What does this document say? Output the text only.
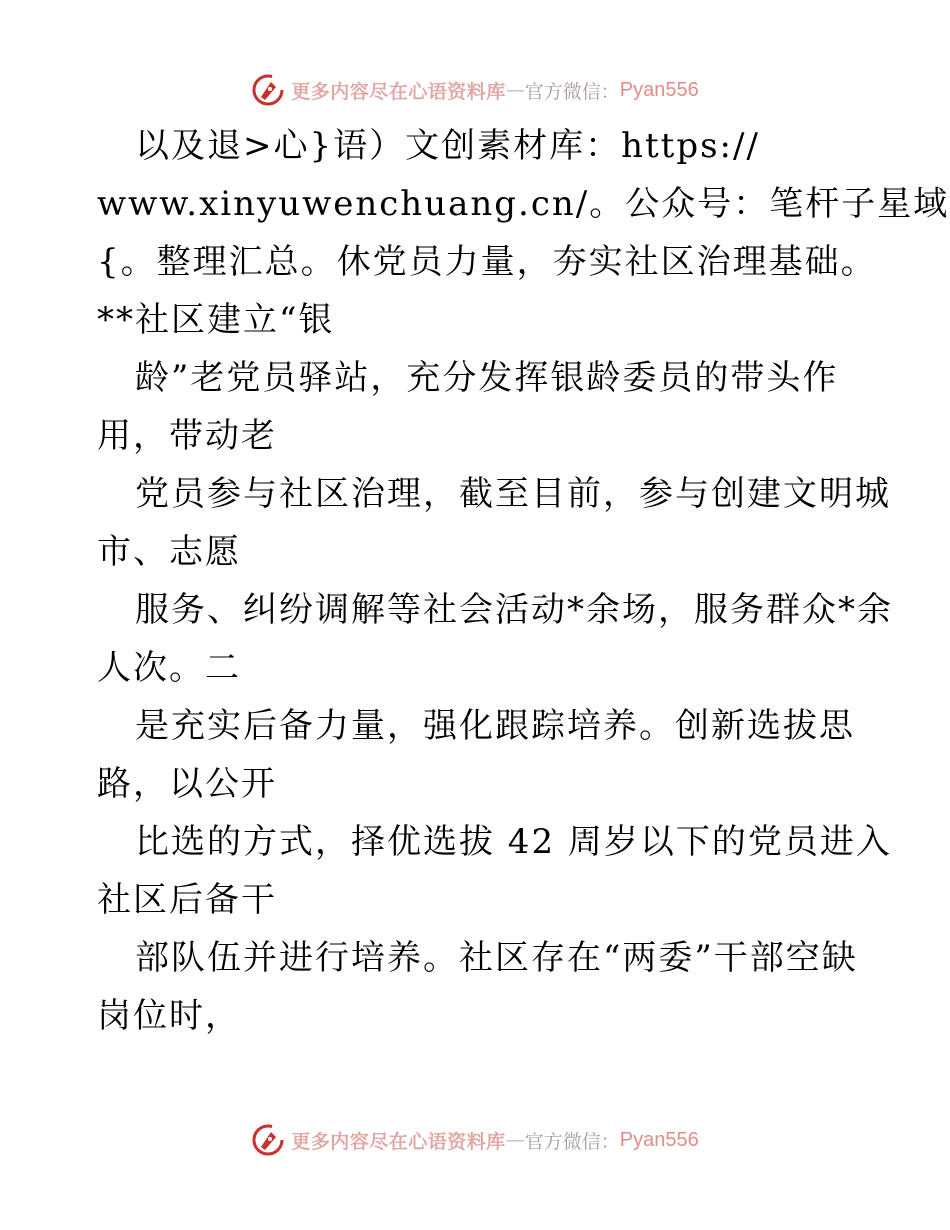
更多内容尽在心语资料库 — 官方微信： Pyan556
以及退>心}语）文创素材库：https://
www.xinyuwenchuang.cn/。公众号：笔杆子星域
{。整理汇总。休党员力量，夯实社区治理基础。
**社区建立“银
龄”老党员驿站，充分发挥银龄委员的带头作
用，带动老
党员参与社区治理，截至目前，参与创建文明城
市、志愿
服务、纠纷调解等社会活动*余场，服务群众*余
人次。二
是充实后备力量，强化跟踪培养。创新选拔思
路，以公开
比选的方式，择优选拔 42 周岁以下的党员进入
社区后备干
部队伍并进行培养。社区存在“两委”干部空缺
岗位时，
更多内容尽在心语资料库 — 官方微信： Pyan556
